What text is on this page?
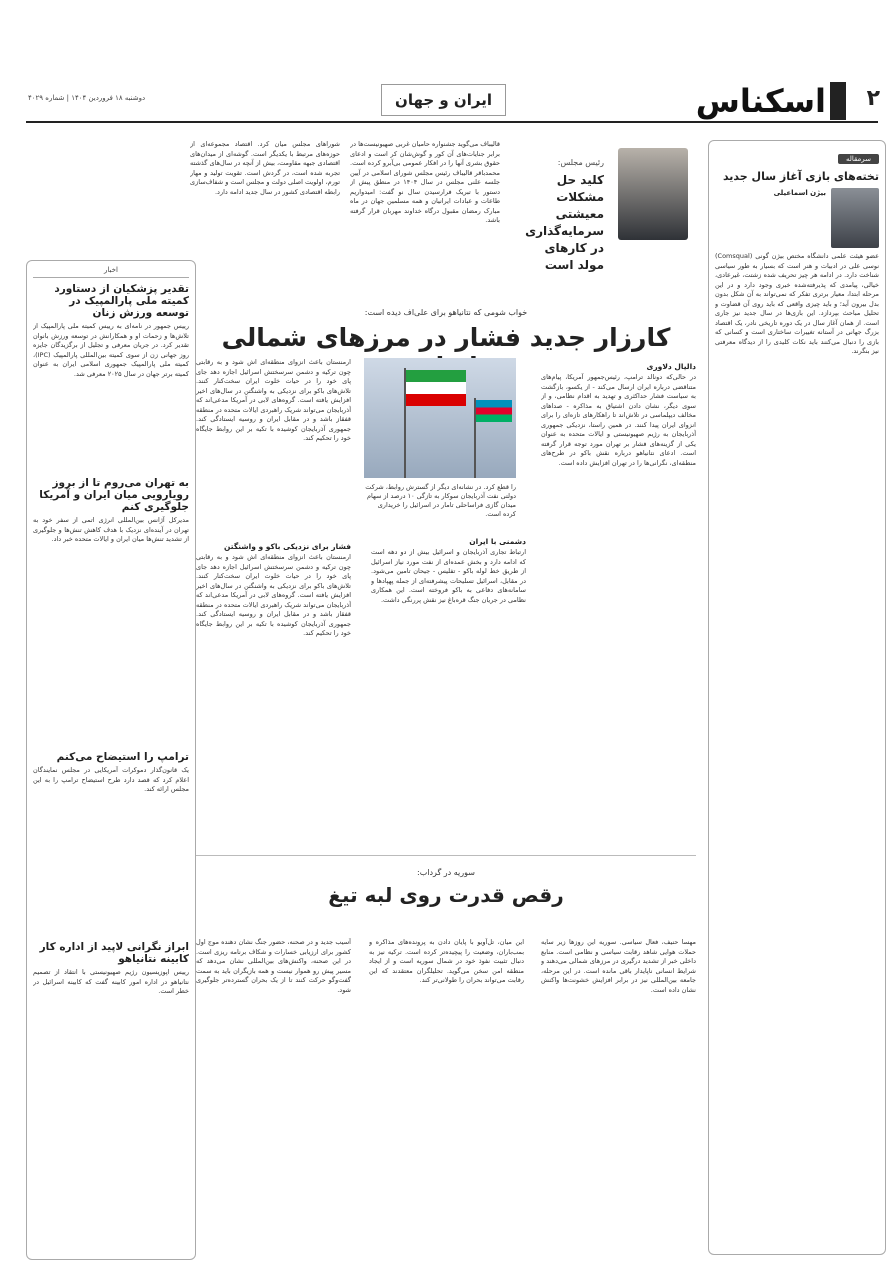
۲
اسکناس
ایران و جهان
دوشنبه ۱۸ فروردین ۱۴۰۴ | شماره ۴۰۲۹
سرمقاله
تخته‌های بازی آغاز سال جدید
بیژن اسماعیلی
عضو هیئت علمی دانشگاه مختص بیژن گونی (Comsqual) نوسی علی در ادبیات و هنر است که بسیار به طور سیاسی شناخت دارد. در ادامه هر چیز تحریف شده زشتت، غیرعادی، خیالی، پیامدی که پذیرفته‌شده خبری وجود دارد و در این مرحله ابتدا، معیار برتری تفکر که نمی‌تواند به آن شکل بدون بدل بیرون آید؛ و باید چیزی واقعی که باید روی آن قضاوت و تحلیل مباحث بپردازد. این بازی‌ها در سال جدید نیز جاری است. از همان آغاز سال در یک دوره تاریخی نادر، یک اقتصاد بزرگ جهانی در آستانه تغییرات ساختاری است و کسانی که بازی را دنبال می‌کنند باید نکات کلیدی را از دیدگاه معرفتی نیز بنگرند.
رئیس مجلس:
کلید حل مشکلات معیشتی سرمایه‌گذاری در کارهای مولد است
قالیباف می‌گوید جشنواره حامیان غربی صهیونیست‌ها در برابر جنایات‌های آن کور و گوش‌شان کر است و ادعای حقوق بشری آنها را در افکار عمومی بی‌آبرو کرده است. محمدباقر قالیباف رئیس مجلس شورای اسلامی در آیین جلسه علنی مجلس در سال ۱۴۰۴ در منطق پیش از دستور با تبریک فرارسیدن سال نو گفت: امیدواریم طاعات و عبادات ایرانیان و همه مسلمین جهان در ماه مبارک رمضان مقبول درگاه خداوند مهربان قرار گرفته باشد.
شوراهای مجلس میان کرد. اقتصاد مجموعه‌ای از حوزه‌های مرتبط با یکدیگر است. گوشه‌ای از میدان‌های اقتصادی جبهه مقاومت، بیش از آنچه در سال‌های گذشته تجربه شده است، در گردش است. تقویت تولید و مهار تورم، اولویت اصلی دولت و مجلس است و شفاف‌سازی رابطه اقتصادی کشور در سال جدید ادامه دارد.
اخبار
تقدیر پزشکیان از دستاورد کمیته ملی پارالمپیک در توسعه ورزش زنان
رییس جمهور در نامه‌ای به رییس کمیته ملی پارالمپیک از تلاش‌ها و زحمات او و همکارانش در توسعه ورزش بانوان تقدیر کرد. در جریان معرفی و تجلیل از برگزیدگان جایزه روز جهانی زن از سوی کمیته بین‌المللی پارالمپیک (IPC)، کمیته ملی پارالمپیک جمهوری اسلامی ایران به عنوان کمیته برتر جهان در سال ۲۰۲۵ معرفی شد.
به تهران می‌روم تا از بروز رویارویی میان ایران و آمریکا جلوگیری کنم
مدیرکل آژانس بین‌المللی انرژی اتمی از سفر خود به تهران در آینده‌ای نزدیک با هدف کاهش تنش‌ها و جلوگیری از تشدید تنش‌ها میان ایران و ایالات متحده خبر داد.
ترامپ را استیضاح می‌کنم
یک قانون‌گذار دموکرات آمریکایی در مجلس نمایندگان اعلام کرد که قصد دارد طرح استیضاح ترامپ را به این مجلس ارائه کند.
ابراز نگرانی لاپید از اداره کار کابینه نتانیاهو
رییس اپوزیسیون رژیم صهیونیستی با انتقاد از تصمیم نتانیاهو در اداره امور کابینه گفت که کابینه اسرائیل در خطر است.
خواب شومی که نتانیاهو برای علی‌اف دیده است:
کارزار جدید فشار در مرزهای شمالی
دالیال دلاوری
در حالی‌که دونالد ترامپ، رئیس‌جمهور آمریکا، پیام‌های متناقضی درباره ایران ارسال می‌کند - از یکسو، بازگشت به سیاست فشار حداکثری و تهدید به اقدام نظامی، و از سوی دیگر، نشان دادن اشتیاق به مذاکره - صداهای مخالف دیپلماسی در تلاش‌اند تا راهکارهای تازه‌ای را برای انزوای ایران پیدا کنند. در همین راستا، نزدیکی جمهوری آذربایجان به رژیم صهیونیستی و ایالات متحده به عنوان یکی از گزینه‌های فشار بر تهران مورد توجه قرار گرفته است. ادعای نتانیاهو درباره نقش باکو در طرح‌های منطقه‌ای، نگرانی‌ها را در تهران افزایش داده است.
را قطع کرد. در نشانه‌ای دیگر از گسترش روابط، شرکت دولتی نفت آذربایجان سوکار به تازگی ۱۰ درصد از سهام میدان گازی فراساحلی تامار در اسرائیل را خریداری کرده است.
دشمنی با ایران
ارتباط تجاری آذربایجان و اسرائیل بیش از دو دهه است که ادامه دارد و بخش عمده‌ای از نفت مورد نیاز اسرائیل از طریق خط لوله باکو - تفلیس - جیحان تامین می‌شود. در مقابل، اسرائیل تسلیحات پیشرفته‌ای از جمله پهپادها و سامانه‌های دفاعی به باکو فروخته است. این همکاری نظامی در جریان جنگ قره‌باغ نیز نقش پررنگی داشت.
ارمنستان باعث انزوای منطقه‌ای اش شود و به رقابتی چون ترکیه و دشمن سرسختش اسرائیل اجازه دهد جای پای خود را در حیات خلوت ایران سخت‌کنار کنند. تلاش‌های باکو برای نزدیکی به واشنگتن در سال‌های اخیر افزایش یافته است. گروه‌های لابی در آمریکا مدعی‌اند که آذربایجان می‌تواند شریک راهبردی ایالات متحده در منطقه قفقاز باشد و در مقابل ایران و روسیه ایستادگی کند. جمهوری آذربایجان کوشیده با تکیه بر این روابط جایگاه خود را تحکیم کند.
فشار برای نزدیکی باکو و واشنگتن
ارمنستان باعث انزوای منطقه‌ای اش شود و به رقابتی چون ترکیه و دشمن سرسختش اسرائیل اجازه دهد جای پای خود را در حیات خلوت ایران سخت‌کنار کنند. تلاش‌های باکو برای نزدیکی به واشنگتن در سال‌های اخیر افزایش یافته است. گروه‌های لابی در آمریکا مدعی‌اند که آذربایجان می‌تواند شریک راهبردی ایالات متحده در منطقه قفقاز باشد و در مقابل ایران و روسیه ایستادگی کند. جمهوری آذربایجان کوشیده با تکیه بر این روابط جایگاه خود را تحکیم کند.
سوریه در گرداب:
رقص قدرت روی لبه تیغ
مهسا حنیف، فعال سیاسی. سوریه این روزها زیر سایه حملات هوایی شاهد رقابت سیاسی و نظامی است. منابع داخلی خبر از تشدید درگیری در مرزهای شمالی می‌دهند و شرایط انسانی ناپایدار باقی مانده است. در این مرحله، جامعه بین‌المللی نیز در برابر افزایش خشونت‌ها واکنش نشان داده است.
این میان، تل‌آویو با پایان دادن به پرونده‌های مذاکره و بمب‌باران، وضعیت را پیچیده‌تر کرده است. ترکیه نیز به دنبال تثبیت نفوذ خود در شمال سوریه است و از ایجاد منطقه امن سخن می‌گوید. تحلیلگران معتقدند که این رقابت می‌تواند بحران را طولانی‌تر کند.
آسیب جدید و در صحنه، حضور جنگ نشان دهنده موج اول کشور برای ارزیابی خسارات و شکاف برنامه ریزی است. در این صحنه، واکنش‌های بین‌المللی نشان می‌دهد که مسیر پیش رو هموار نیست و همه بازیگران باید به سمت گفت‌وگو حرکت کنند تا از یک بحران گسترده‌تر جلوگیری شود.
